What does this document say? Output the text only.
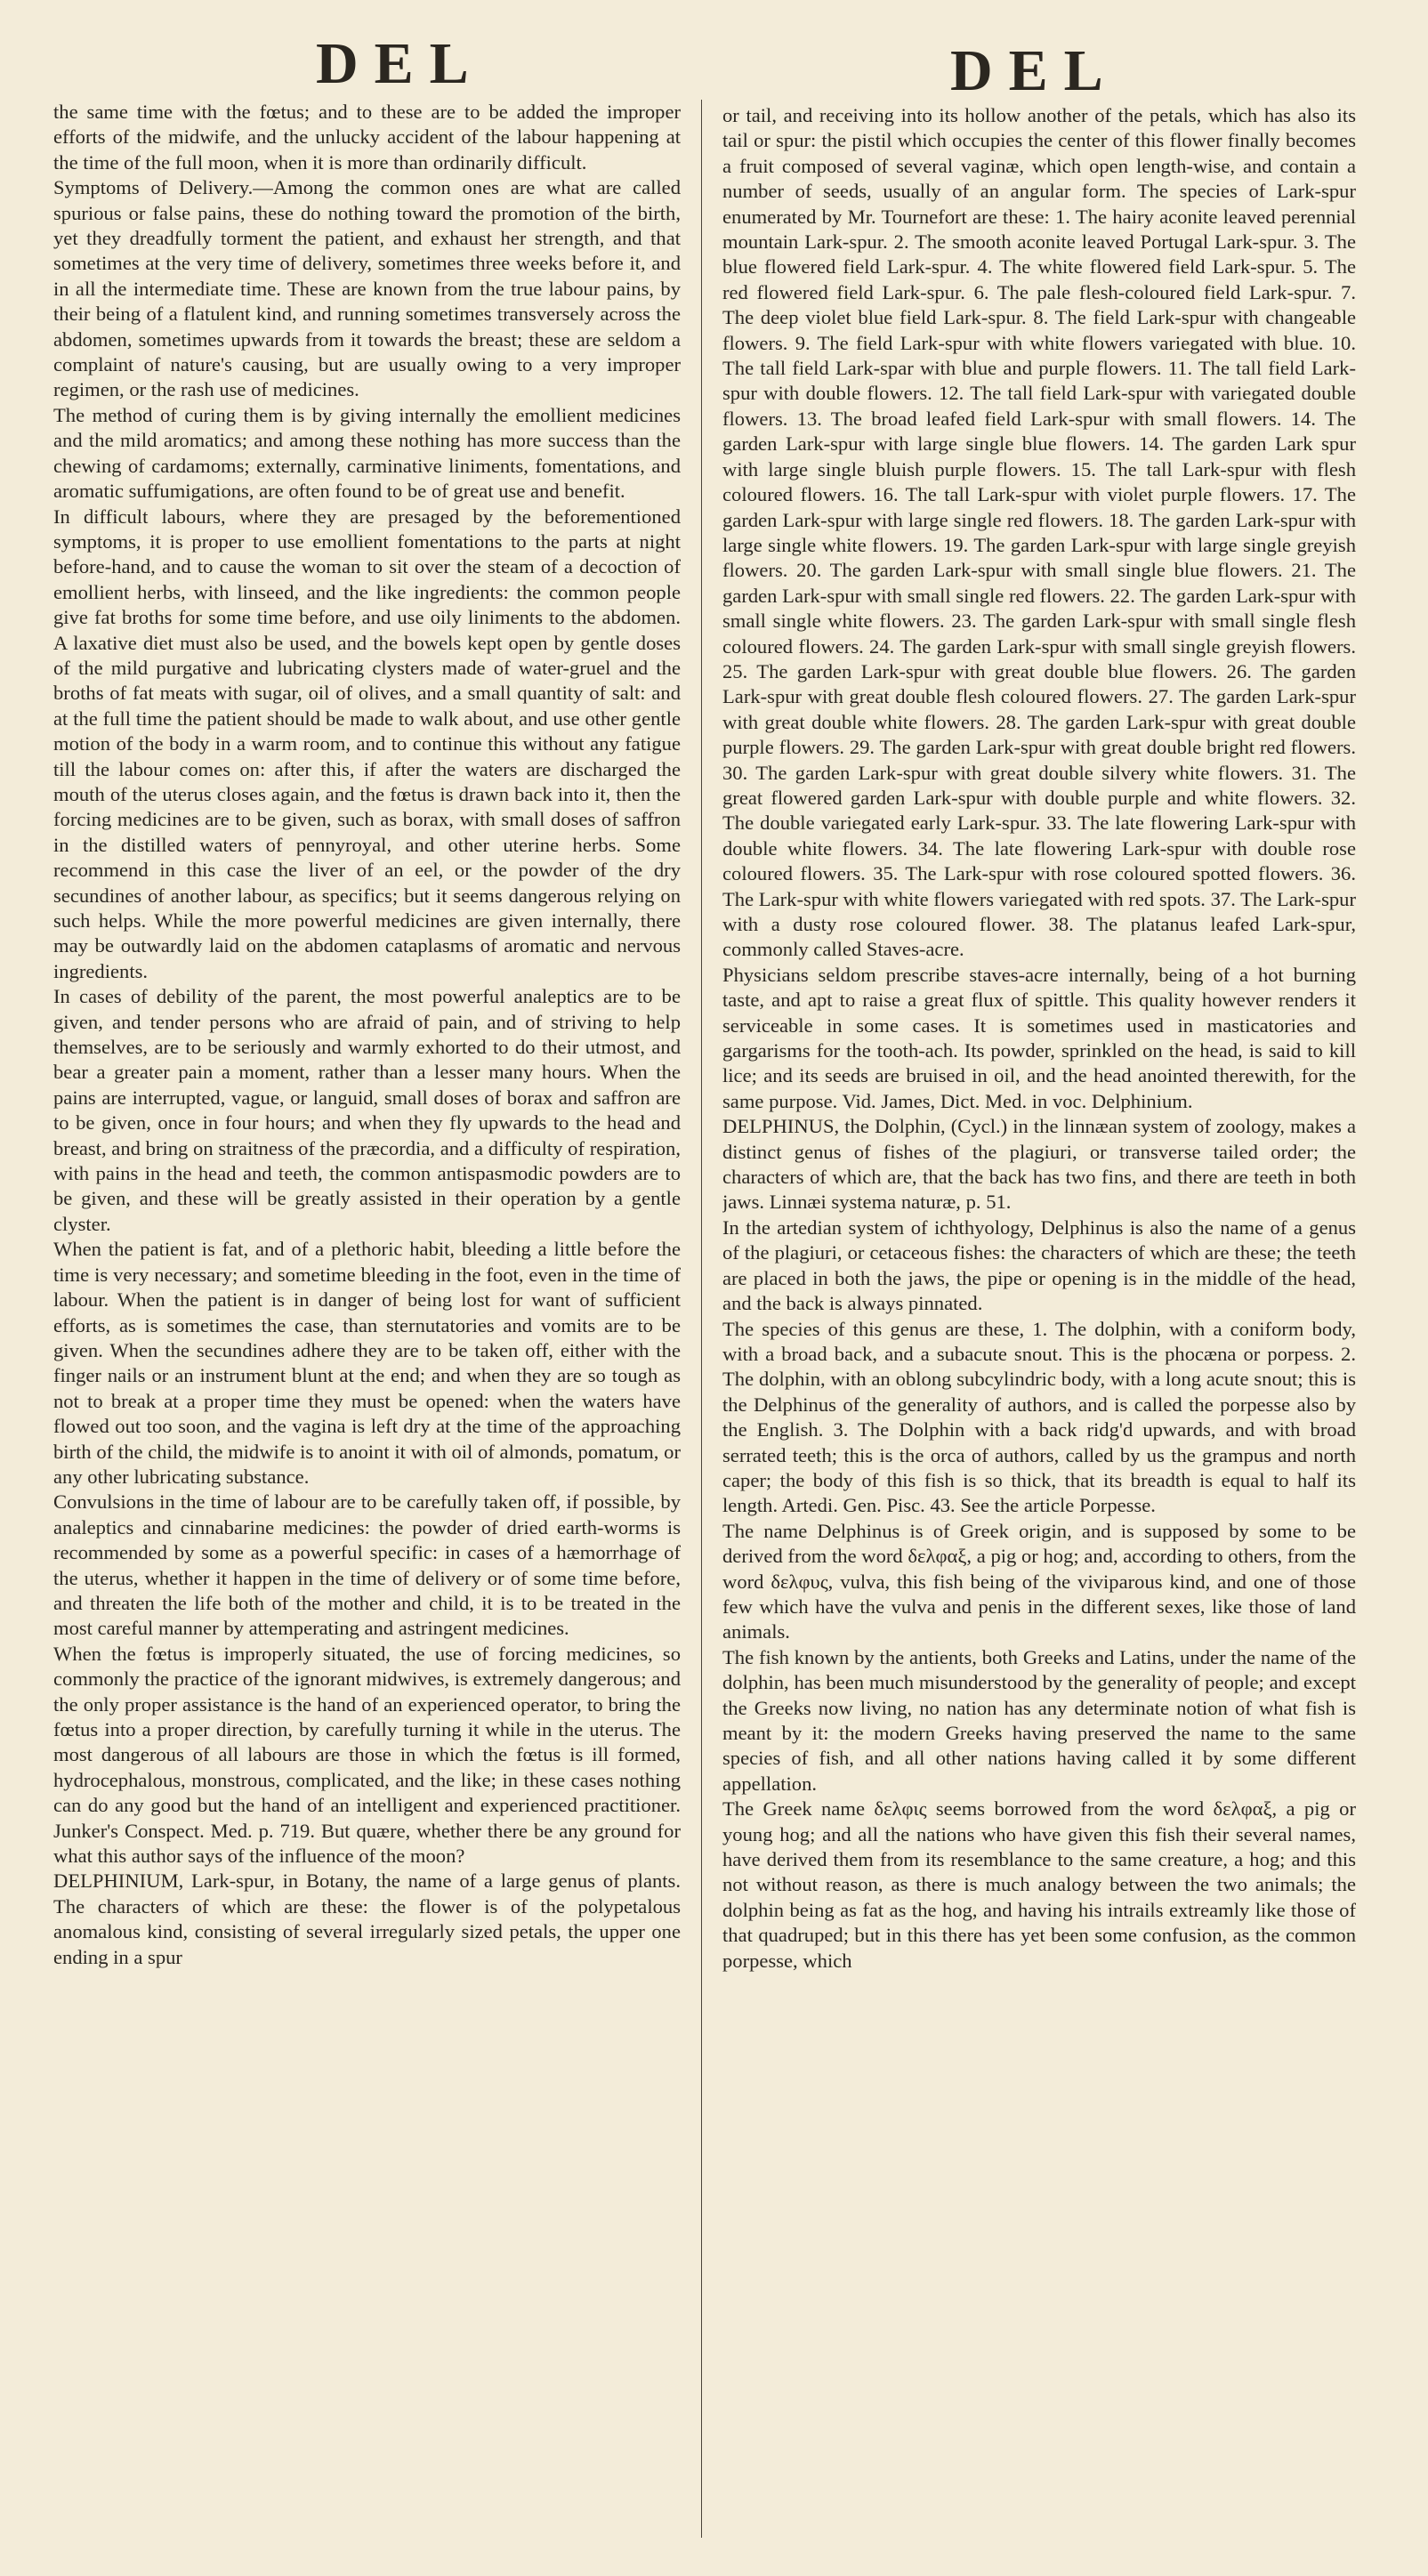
DEL	DEL

the same time with the fœtus; and to these are to be added the improper efforts of the midwife, and the unlucky accident of the labour happening at the time of the full moon, when it is more than ordinarily difficult.

Symptoms of Delivery.—Among the common ones are what are called spurious or false pains, these do nothing toward the promotion of the birth, yet they dreadfully torment the patient, and exhaust her strength, and that sometimes at the very time of delivery, sometimes three weeks before it, and in all the intermediate time. These are known from the true labour pains, by their being of a flatulent kind, and running sometimes transversely across the abdomen, sometimes upwards from it towards the breast; these are seldom a complaint of nature's causing, but are usually owing to a very improper regimen, or the rash use of medicines.

The method of curing them is by giving internally the emollient medicines and the mild aromatics; and among these nothing has more success than the chewing of cardamoms; externally, carminative liniments, fomentations, and aromatic suffumigations, are often found to be of great use and benefit.

In difficult labours, where they are presaged by the beforementioned symptoms, it is proper to use emollient fomentations to the parts at night before-hand, and to cause the woman to sit over the steam of a decoction of emollient herbs, with linseed, and the like ingredients: the common people give fat broths for some time before, and use oily liniments to the abdomen. A laxative diet must also be used, and the bowels kept open by gentle doses of the mild purgative and lubricating clysters made of water-gruel and the broths of fat meats with sugar, oil of olives, and a small quantity of salt: and at the full time the patient should be made to walk about, and use other gentle motion of the body in a warm room, and to continue this without any fatigue till the labour comes on: after this, if after the waters are discharged the mouth of the uterus closes again, and the fœtus is drawn back into it, then the forcing medicines are to be given, such as borax, with small doses of saffron in the distilled waters of pennyroyal, and other uterine herbs. Some recommend in this case the liver of an eel, or the powder of the dry secundines of another labour, as specifics; but it seems dangerous relying on such helps. While the more powerful medicines are given internally, there may be outwardly laid on the abdomen cataplasms of aromatic and nervous ingredients.

In cases of debility of the parent, the most powerful analeptics are to be given, and tender persons who are afraid of pain, and of striving to help themselves, are to be seriously and warmly exhorted to do their utmost, and bear a greater pain a moment, rather than a lesser many hours. When the pains are interrupted, vague, or languid, small doses of borax and saffron are to be given, once in four hours; and when they fly upwards to the head and breast, and bring on straitness of the præcordia, and a difficulty of respiration, with pains in the head and teeth, the common antispasmodic powders are to be given, and these will be greatly assisted in their operation by a gentle clyster.

When the patient is fat, and of a plethoric habit, bleeding a little before the time is very necessary; and sometime bleeding in the foot, even in the time of labour. When the patient is in danger of being lost for want of sufficient efforts, as is sometimes the case, than sternutatories and vomits are to be given. When the secundines adhere they are to be taken off, either with the finger nails or an instrument blunt at the end; and when they are so tough as not to break at a proper time they must be opened: when the waters have flowed out too soon, and the vagina is left dry at the time of the approaching birth of the child, the midwife is to anoint it with oil of almonds, pomatum, or any other lubricating substance.

Convulsions in the time of labour are to be carefully taken off, if possible, by analeptics and cinnabarine medicines: the powder of dried earth-worms is recommended by some as a powerful specific: in cases of a hæmorrhage of the uterus, whether it happen in the time of delivery or of some time before, and threaten the life both of the mother and child, it is to be treated in the most careful manner by attemperating and astringent medicines.

When the fœtus is improperly situated, the use of forcing medicines, so commonly the practice of the ignorant midwives, is extremely dangerous; and the only proper assistance is the hand of an experienced operator, to bring the fœtus into a proper direction, by carefully turning it while in the uterus. The most dangerous of all labours are those in which the fœtus is ill formed, hydrocephalous, monstrous, complicated, and the like; in these cases nothing can do any good but the hand of an intelligent and experienced practitioner. Junker's Conspect. Med. p. 719. But quære, whether there be any ground for what this author says of the influence of the moon?

DELPHINIUM, Lark-spur, in Botany, the name of a large genus of plants. The characters of which are these: the flower is of the polypetalous anomalous kind, consisting of several irregularly sized petals, the upper one ending in a spur

or tail, and receiving into its hollow another of the petals, which has also its tail or spur: the pistil which occupies the center of this flower finally becomes a fruit composed of several vaginæ, which open length-wise, and contain a number of seeds, usually of an angular form. The species of Lark-spur enumerated by Mr. Tournefort are these: 1. The hairy aconite leaved perennial mountain Lark-spur. 2. The smooth aconite leaved Portugal Lark-spur. 3. The blue flowered field Lark-spur. 4. The white flowered field Lark-spur. 5. The red flowered field Lark-spur. 6. The pale flesh-coloured field Lark-spur. 7. The deep violet blue field Lark-spur. 8. The field Lark-spur with changeable flowers. 9. The field Lark-spur with white flowers variegated with blue. 10. The tall field Lark-spar with blue and purple flowers. 11. The tall field Lark-spur with double flowers. 12. The tall field Lark-spur with variegated double flowers. 13. The broad leafed field Lark-spur with small flowers. 14. The garden Lark-spur with large single blue flowers. 14. The garden Lark spur with large single bluish purple flowers. 15. The tall Lark-spur with flesh coloured flowers. 16. The tall Lark-spur with violet purple flowers. 17. The garden Lark-spur with large single red flowers. 18. The garden Lark-spur with large single white flowers. 19. The garden Lark-spur with large single greyish flowers. 20. The garden Lark-spur with small single blue flowers. 21. The garden Lark-spur with small single red flowers. 22. The garden Lark-spur with small single white flowers. 23. The garden Lark-spur with small single flesh coloured flowers. 24. The garden Lark-spur with small single greyish flowers. 25. The garden Lark-spur with great double blue flowers. 26. The garden Lark-spur with great double flesh coloured flowers. 27. The garden Lark-spur with great double white flowers. 28. The garden Lark-spur with great double purple flowers. 29. The garden Lark-spur with great double bright red flowers. 30. The garden Lark-spur with great double silvery white flowers. 31. The great flowered garden Lark-spur with double purple and white flowers. 32. The double variegated early Lark-spur. 33. The late flowering Lark-spur with double white flowers. 34. The late flowering Lark-spur with double rose coloured flowers. 35. The Lark-spur with rose coloured spotted flowers. 36. The Lark-spur with white flowers variegated with red spots. 37. The Lark-spur with a dusty rose coloured flower. 38. The platanus leafed Lark-spur, commonly called Staves-acre.

Physicians seldom prescribe staves-acre internally, being of a hot burning taste, and apt to raise a great flux of spittle. This quality however renders it serviceable in some cases. It is sometimes used in masticatories and gargarisms for the tooth-ach. Its powder, sprinkled on the head, is said to kill lice; and its seeds are bruised in oil, and the head anointed therewith, for the same purpose. Vid. James, Dict. Med. in voc. Delphinium.

DELPHINUS, the Dolphin, (Cycl.) in the linnæan system of zoology, makes a distinct genus of fishes of the plagiuri, or transverse tailed order; the characters of which are, that the back has two fins, and there are teeth in both jaws. Linnæi systema naturæ, p. 51.

In the artedian system of ichthyology, Delphinus is also the name of a genus of the plagiuri, or cetaceous fishes: the characters of which are these; the teeth are placed in both the jaws, the pipe or opening is in the middle of the head, and the back is always pinnated.

The species of this genus are these, 1. The dolphin, with a coniform body, with a broad back, and a subacute snout. This is the phocæna or porpess. 2. The dolphin, with an oblong subcylindric body, with a long acute snout; this is the Delphinus of the generality of authors, and is called the porpesse also by the English. 3. The Dolphin with a back ridg'd upwards, and with broad serrated teeth; this is the orca of authors, called by us the grampus and north caper; the body of this fish is so thick, that its breadth is equal to half its length. Artedi. Gen. Pisc. 43. See the article Porpesse.

The name Delphinus is of Greek origin, and is supposed by some to be derived from the word δελφαξ, a pig or hog; and, according to others, from the word δελφυς, vulva, this fish being of the viviparous kind, and one of those few which have the vulva and penis in the different sexes, like those of land animals.

The fish known by the antients, both Greeks and Latins, under the name of the dolphin, has been much misunderstood by the generality of people; and except the Greeks now living, no nation has any determinate notion of what fish is meant by it: the modern Greeks having preserved the name to the same species of fish, and all other nations having called it by some different appellation.

The Greek name δελφις seems borrowed from the word δελφαξ, a pig or young hog; and all the nations who have given this fish their several names, have derived them from its resemblance to the same creature, a hog; and this not without reason, as there is much analogy between the two animals; the dolphin being as fat as the hog, and having his intrails extreamly like those of that quadruped; but in this there has yet been some confusion, as the common porpesse, which
